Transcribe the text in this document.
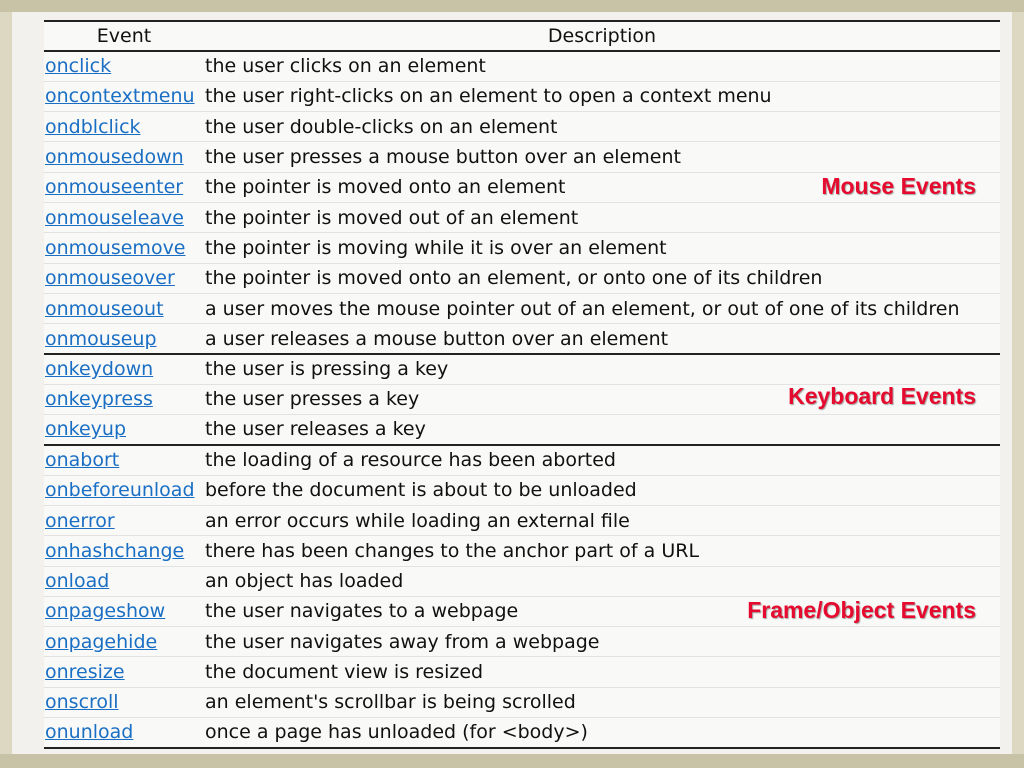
Event	Description
onclick	the user clicks on an element
oncontextmenu	the user right-clicks on an element to open a context menu
ondblclick	the user double-clicks on an element
onmousedown	the user presses a mouse button over an element
onmouseenter	the pointer is moved onto an element
onmouseleave	the pointer is moved out of an element
onmousemove	the pointer is moving while it is over an element
onmouseover	the pointer is moved onto an element, or onto one of its children
onmouseout	a user moves the mouse pointer out of an element, or out of one of its children
onmouseup	a user releases a mouse button over an element
onkeydown	the user is pressing a key
onkeypress	the user presses a key
onkeyup	the user releases a key
onabort	the loading of a resource has been aborted
onbeforeunload	before the document is about to be unloaded
onerror	an error occurs while loading an external file
onhashchange	there has been changes to the anchor part of a URL
onload	an object has loaded
onpageshow	the user navigates to a webpage
onpagehide	the user navigates away from a webpage
onresize	the document view is resized
onscroll	an element's scrollbar is being scrolled
onunload	once a page has unloaded (for <body>)
Mouse Events
Keyboard Events
Frame/Object Events
